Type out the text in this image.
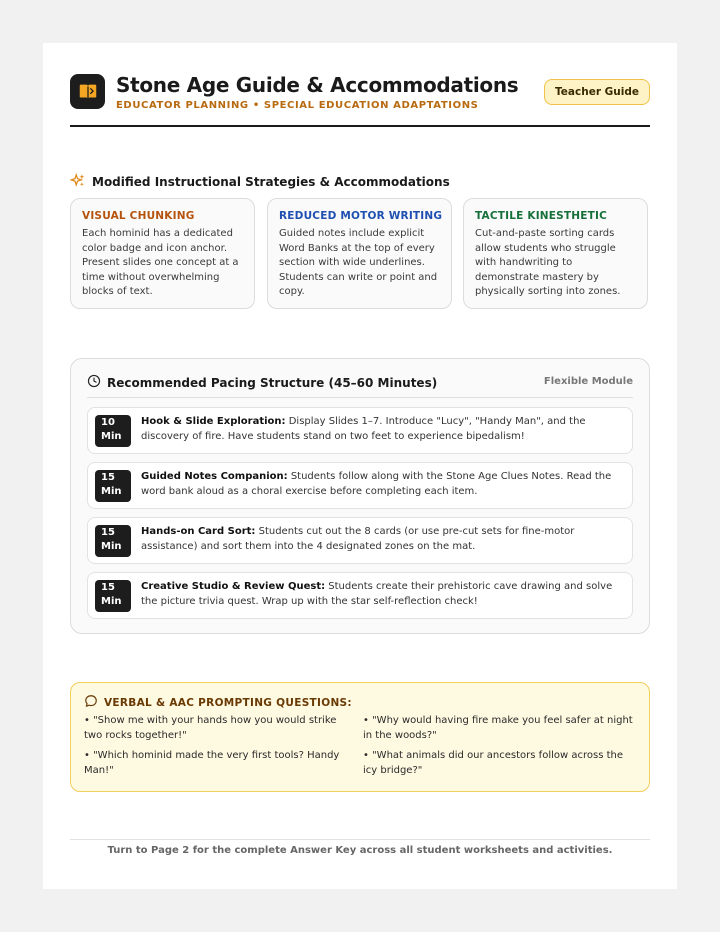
Stone Age Guide & Accommodations
EDUCATOR PLANNING • SPECIAL EDUCATION ADAPTATIONS
Teacher Guide
Modified Instructional Strategies & Accommodations
VISUAL CHUNKING
Each hominid has a dedicated color badge and icon anchor. Present slides one concept at a time without overwhelming blocks of text.
REDUCED MOTOR WRITING
Guided notes include explicit Word Banks at the top of every section with wide underlines. Students can write or point and copy.
TACTILE KINESTHETIC
Cut-and-paste sorting cards allow students who struggle with handwriting to demonstrate mastery by physically sorting into zones.
Recommended Pacing Structure (45–60 Minutes)	Flexible Module
10
Min
Hook & Slide Exploration: Display Slides 1–7. Introduce "Lucy", "Handy Man", and the discovery of fire. Have students stand on two feet to experience bipedalism!
15
Min
Guided Notes Companion: Students follow along with the Stone Age Clues Notes. Read the word bank aloud as a choral exercise before completing each item.
15
Min
Hands-on Card Sort: Students cut out the 8 cards (or use pre-cut sets for fine-motor assistance) and sort them into the 4 designated zones on the mat.
15
Min
Creative Studio & Review Quest: Students create their prehistoric cave drawing and solve the picture trivia quest. Wrap up with the star self-reflection check!
VERBAL & AAC PROMPTING QUESTIONS:
• "Show me with your hands how you would strike two rocks together!"
• "Why would having fire make you feel safer at night in the woods?"
• "Which hominid made the very first tools? Handy Man!"
• "What animals did our ancestors follow across the icy bridge?"
Turn to Page 2 for the complete Answer Key across all student worksheets and activities.
